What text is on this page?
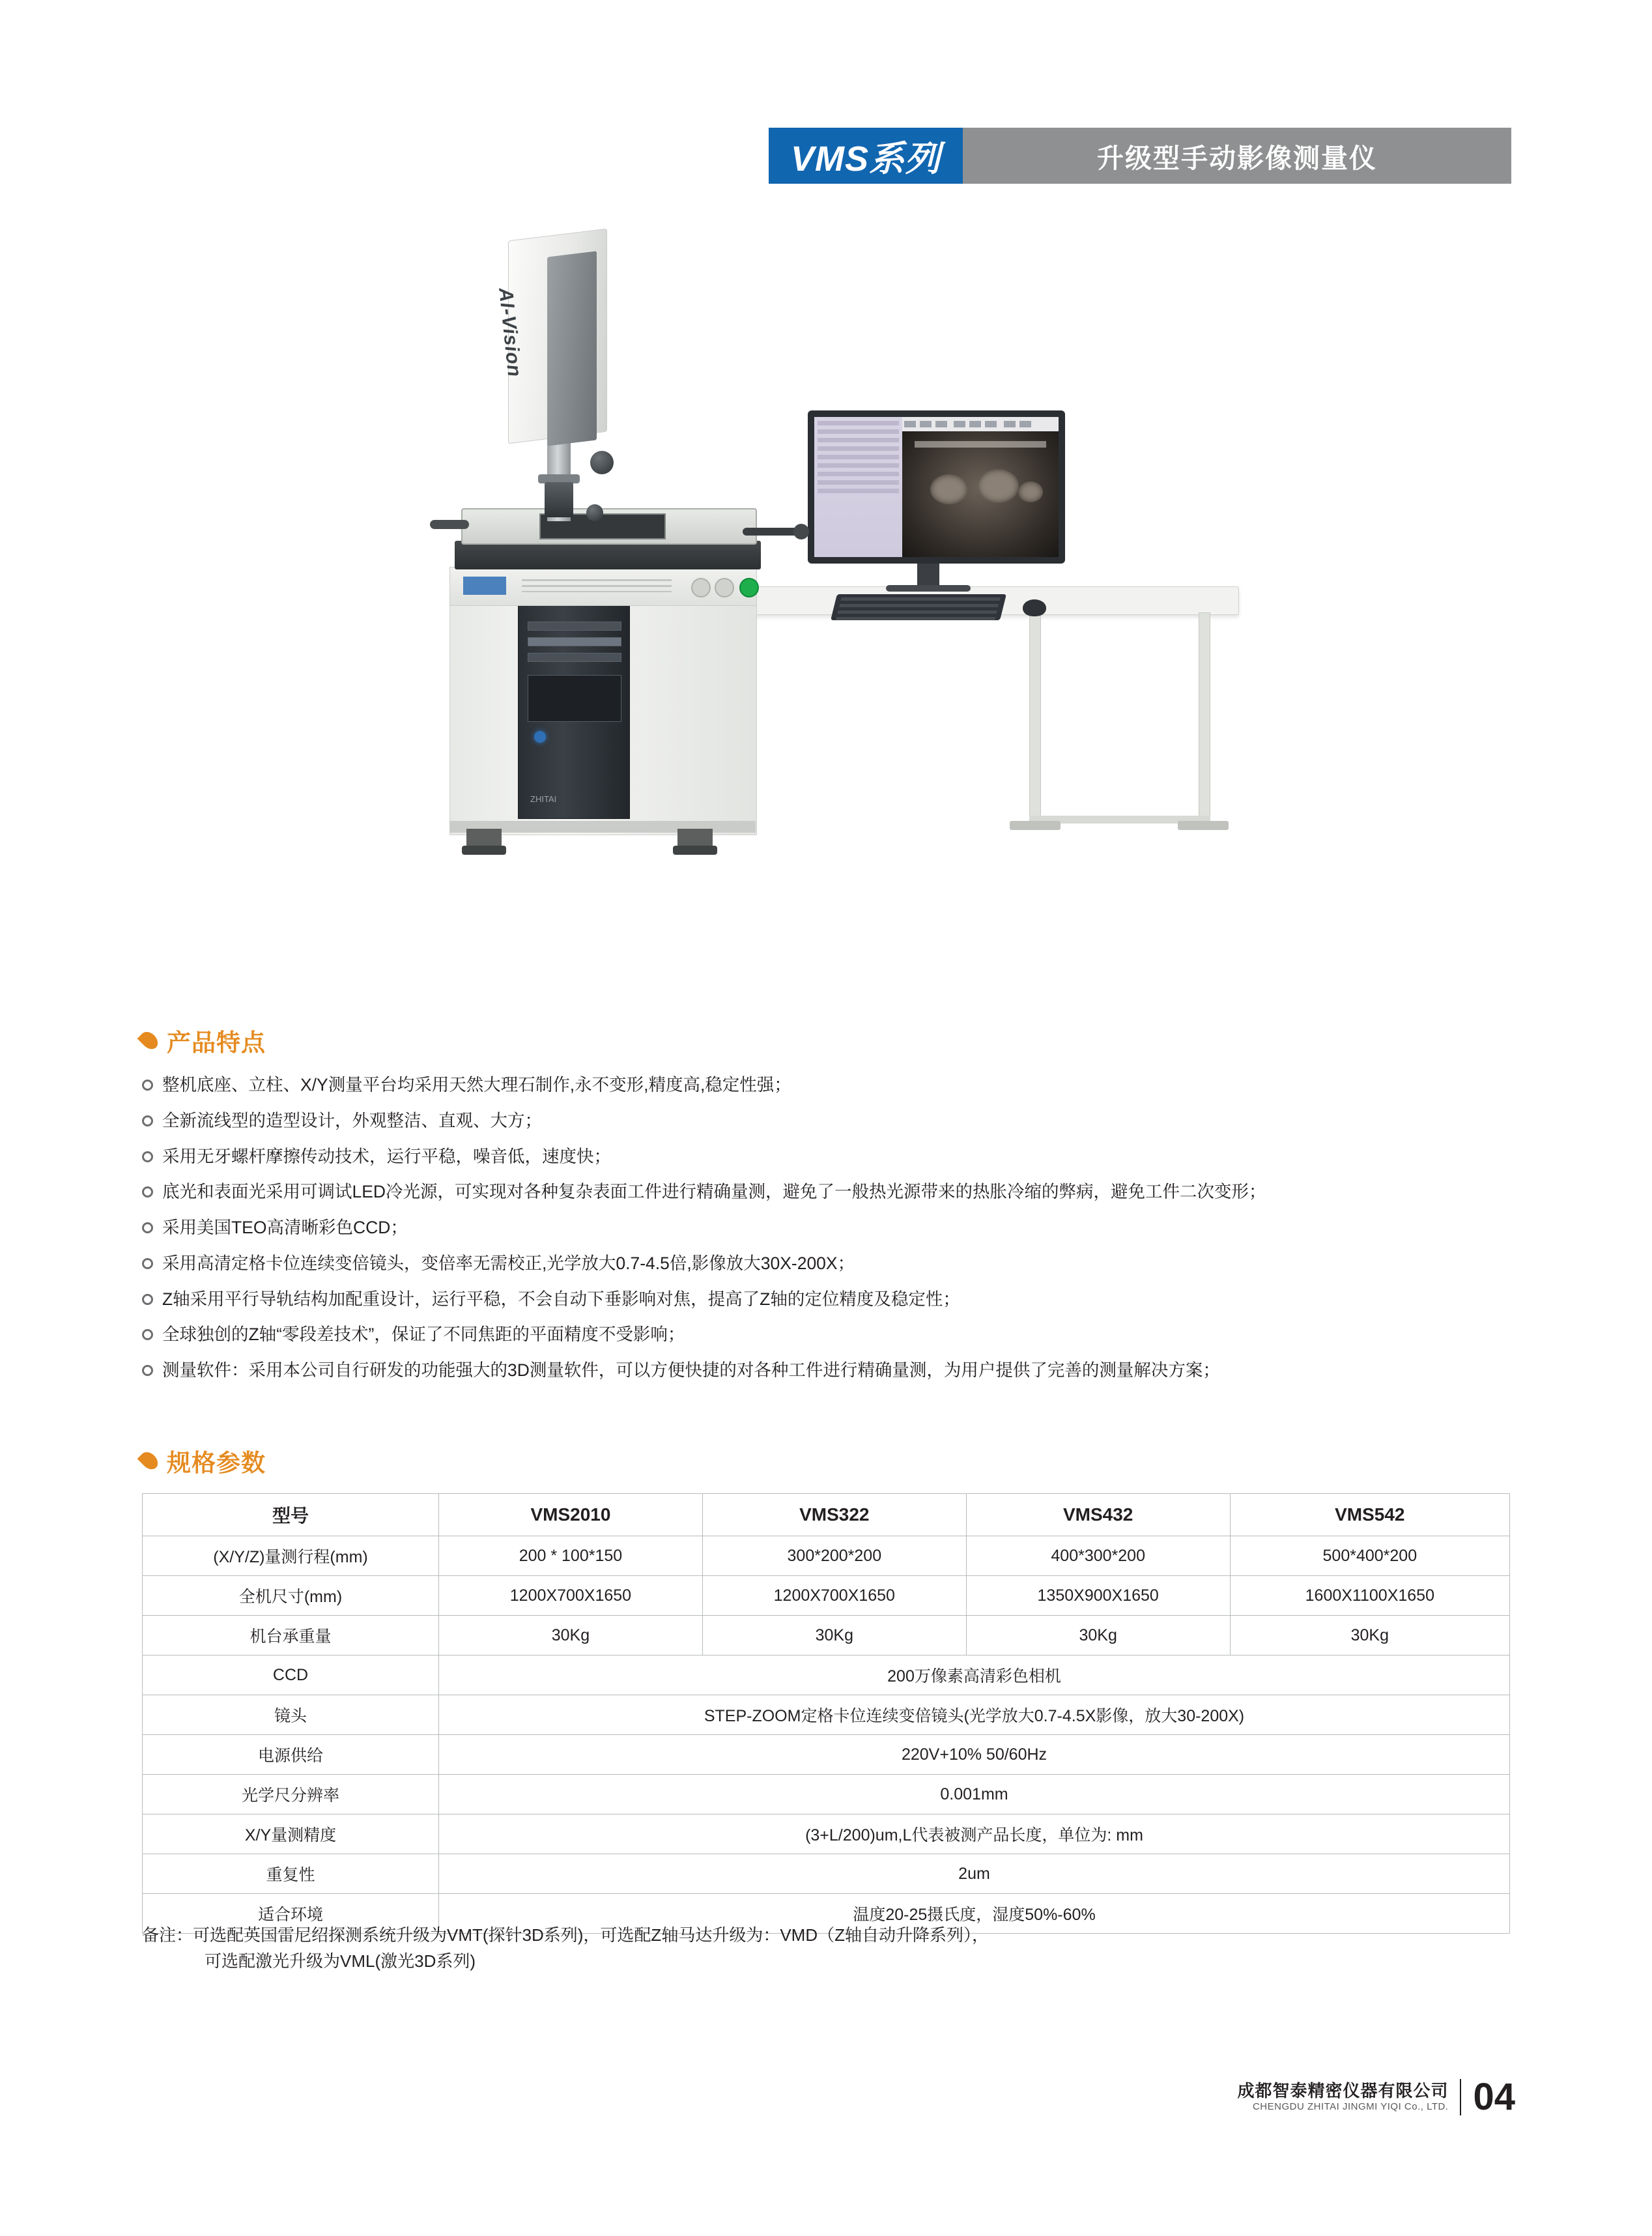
VMS系列	升级型手动影像测量仪

ZHITAI
AI-Vision
产品特点
整机底座、立柱、X/Y测量平台均采用天然大理石制作,永不变形,精度高,稳定性强；
全新流线型的造型设计，外观整洁、直观、大方；
采用无牙螺杆摩擦传动技术，运行平稳，噪音低，速度快；
底光和表面光采用可调试LED冷光源，可实现对各种复杂表面工件进行精确量测，避免了一般热光源带来的热胀冷缩的弊病，避免工件二次变形；
采用美国TEO高清晰彩色CCD；
采用高清定格卡位连续变倍镜头，变倍率无需校正,光学放大0.7-4.5倍,影像放大30X-200X；
Z轴采用平行导轨结构加配重设计，运行平稳，不会自动下垂影响对焦，提高了Z轴的定位精度及稳定性；
全球独创的Z轴“零段差技术”，保证了不同焦距的平面精度不受影响；
测量软件：采用本公司自行研发的功能强大的3D测量软件，可以方便快捷的对各种工件进行精确量测，为用户提供了完善的测量解决方案；
规格参数
型号	VMS2010	VMS322	VMS432	VMS542
(X/Y/Z)量测行程(mm)	200 * 100*150	300*200*200	400*300*200	500*400*200
全机尺寸(mm)	1200X700X1650	1200X700X1650	1350X900X1650	1600X1100X1650
机台承重量	30Kg	30Kg	30Kg	30Kg
CCD	200万像素高清彩色相机			
镜头	STEP-ZOOM定格卡位连续变倍镜头(光学放大0.7-4.5X影像，放大30-200X)			
电源供给	220V+10% 50/60Hz			
光学尺分辨率	0.001mm			
X/Y量测精度	(3+L/200)um,L代表被测产品长度，单位为: mm			
重复性	2um			
适合环境	温度20-25摄氏度，湿度50%-60%			
备注：可选配英国雷尼绍探测系统升级为VMT(探针3D系列)，可选配Z轴马达升级为：VMD（Z轴自动升降系列），
可选配激光升级为VML(激光3D系列)
成都智泰精密仪器有限公司
CHENGDU ZHITAI JINGMI YIQI Co., LTD. 04
